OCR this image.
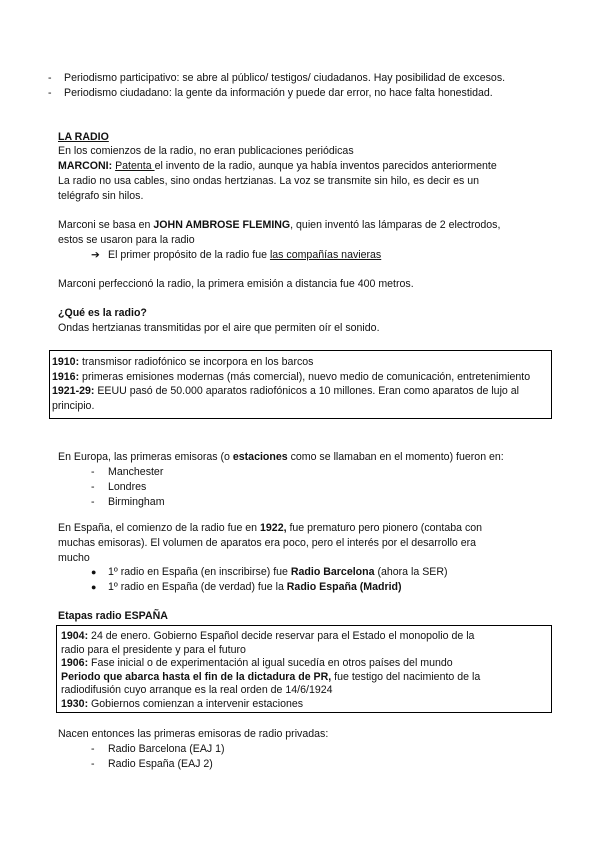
-	Periodismo participativo: se abre al público/ testigos/ ciudadanos. Hay posibilidad de excesos.
-	Periodismo ciudadano: la gente da información y puede dar error, no hace falta honestidad.
LA RADIO
En los comienzos de la radio, no eran publicaciones periódicas
MARCONI: Patenta el invento de la radio, aunque ya había inventos parecidos anteriormente
La radio no usa cables, sino ondas hertzianas. La voz se transmite sin hilo, es decir es un
telégrafo sin hilos.
Marconi se basa en JOHN AMBROSE FLEMING, quien inventó las lámparas de 2 electrodos,
estos se usaron para la radio
➔ El primer propósito de la radio fue las compañías navieras
Marconi perfeccionó la radio, la primera emisión a distancia fue 400 metros.
¿Qué es la radio?
Ondas hertzianas transmitidas por el aire que permiten oír el sonido.
1910: transmisor radiofónico se incorpora en los barcos
1916: primeras emisiones modernas (más comercial), nuevo medio de comunicación, entretenimiento
1921-29: EEUU pasó de 50.000 aparatos radiofónicos a 10 millones. Eran como aparatos de lujo al
principio.
En Europa, las primeras emisoras (o estaciones como se llamaban en el momento) fueron en:
- Manchester
- Londres
- Birmingham
En España, el comienzo de la radio fue en 1922, fue prematuro pero pionero (contaba con
muchas emisoras). El volumen de aparatos era poco, pero el interés por el desarrollo era
mucho
● 1º radio en España (en inscribirse) fue Radio Barcelona (ahora la SER)
● 1º radio en España (de verdad) fue la Radio España (Madrid)
Etapas radio ESPAÑA
1904: 24 de enero. Gobierno Español decide reservar para el Estado el monopolio de la
radio para el presidente y para el futuro
1906: Fase inicial o de experimentación al igual sucedía en otros países del mundo
Periodo que abarca hasta el fin de la dictadura de PR, fue testigo del nacimiento de la
radiodifusión cuyo arranque es la real orden de 14/6/1924
1930: Gobiernos comienzan a intervenir estaciones
Nacen entonces las primeras emisoras de radio privadas:
- Radio Barcelona (EAJ 1)
- Radio España (EAJ 2)
